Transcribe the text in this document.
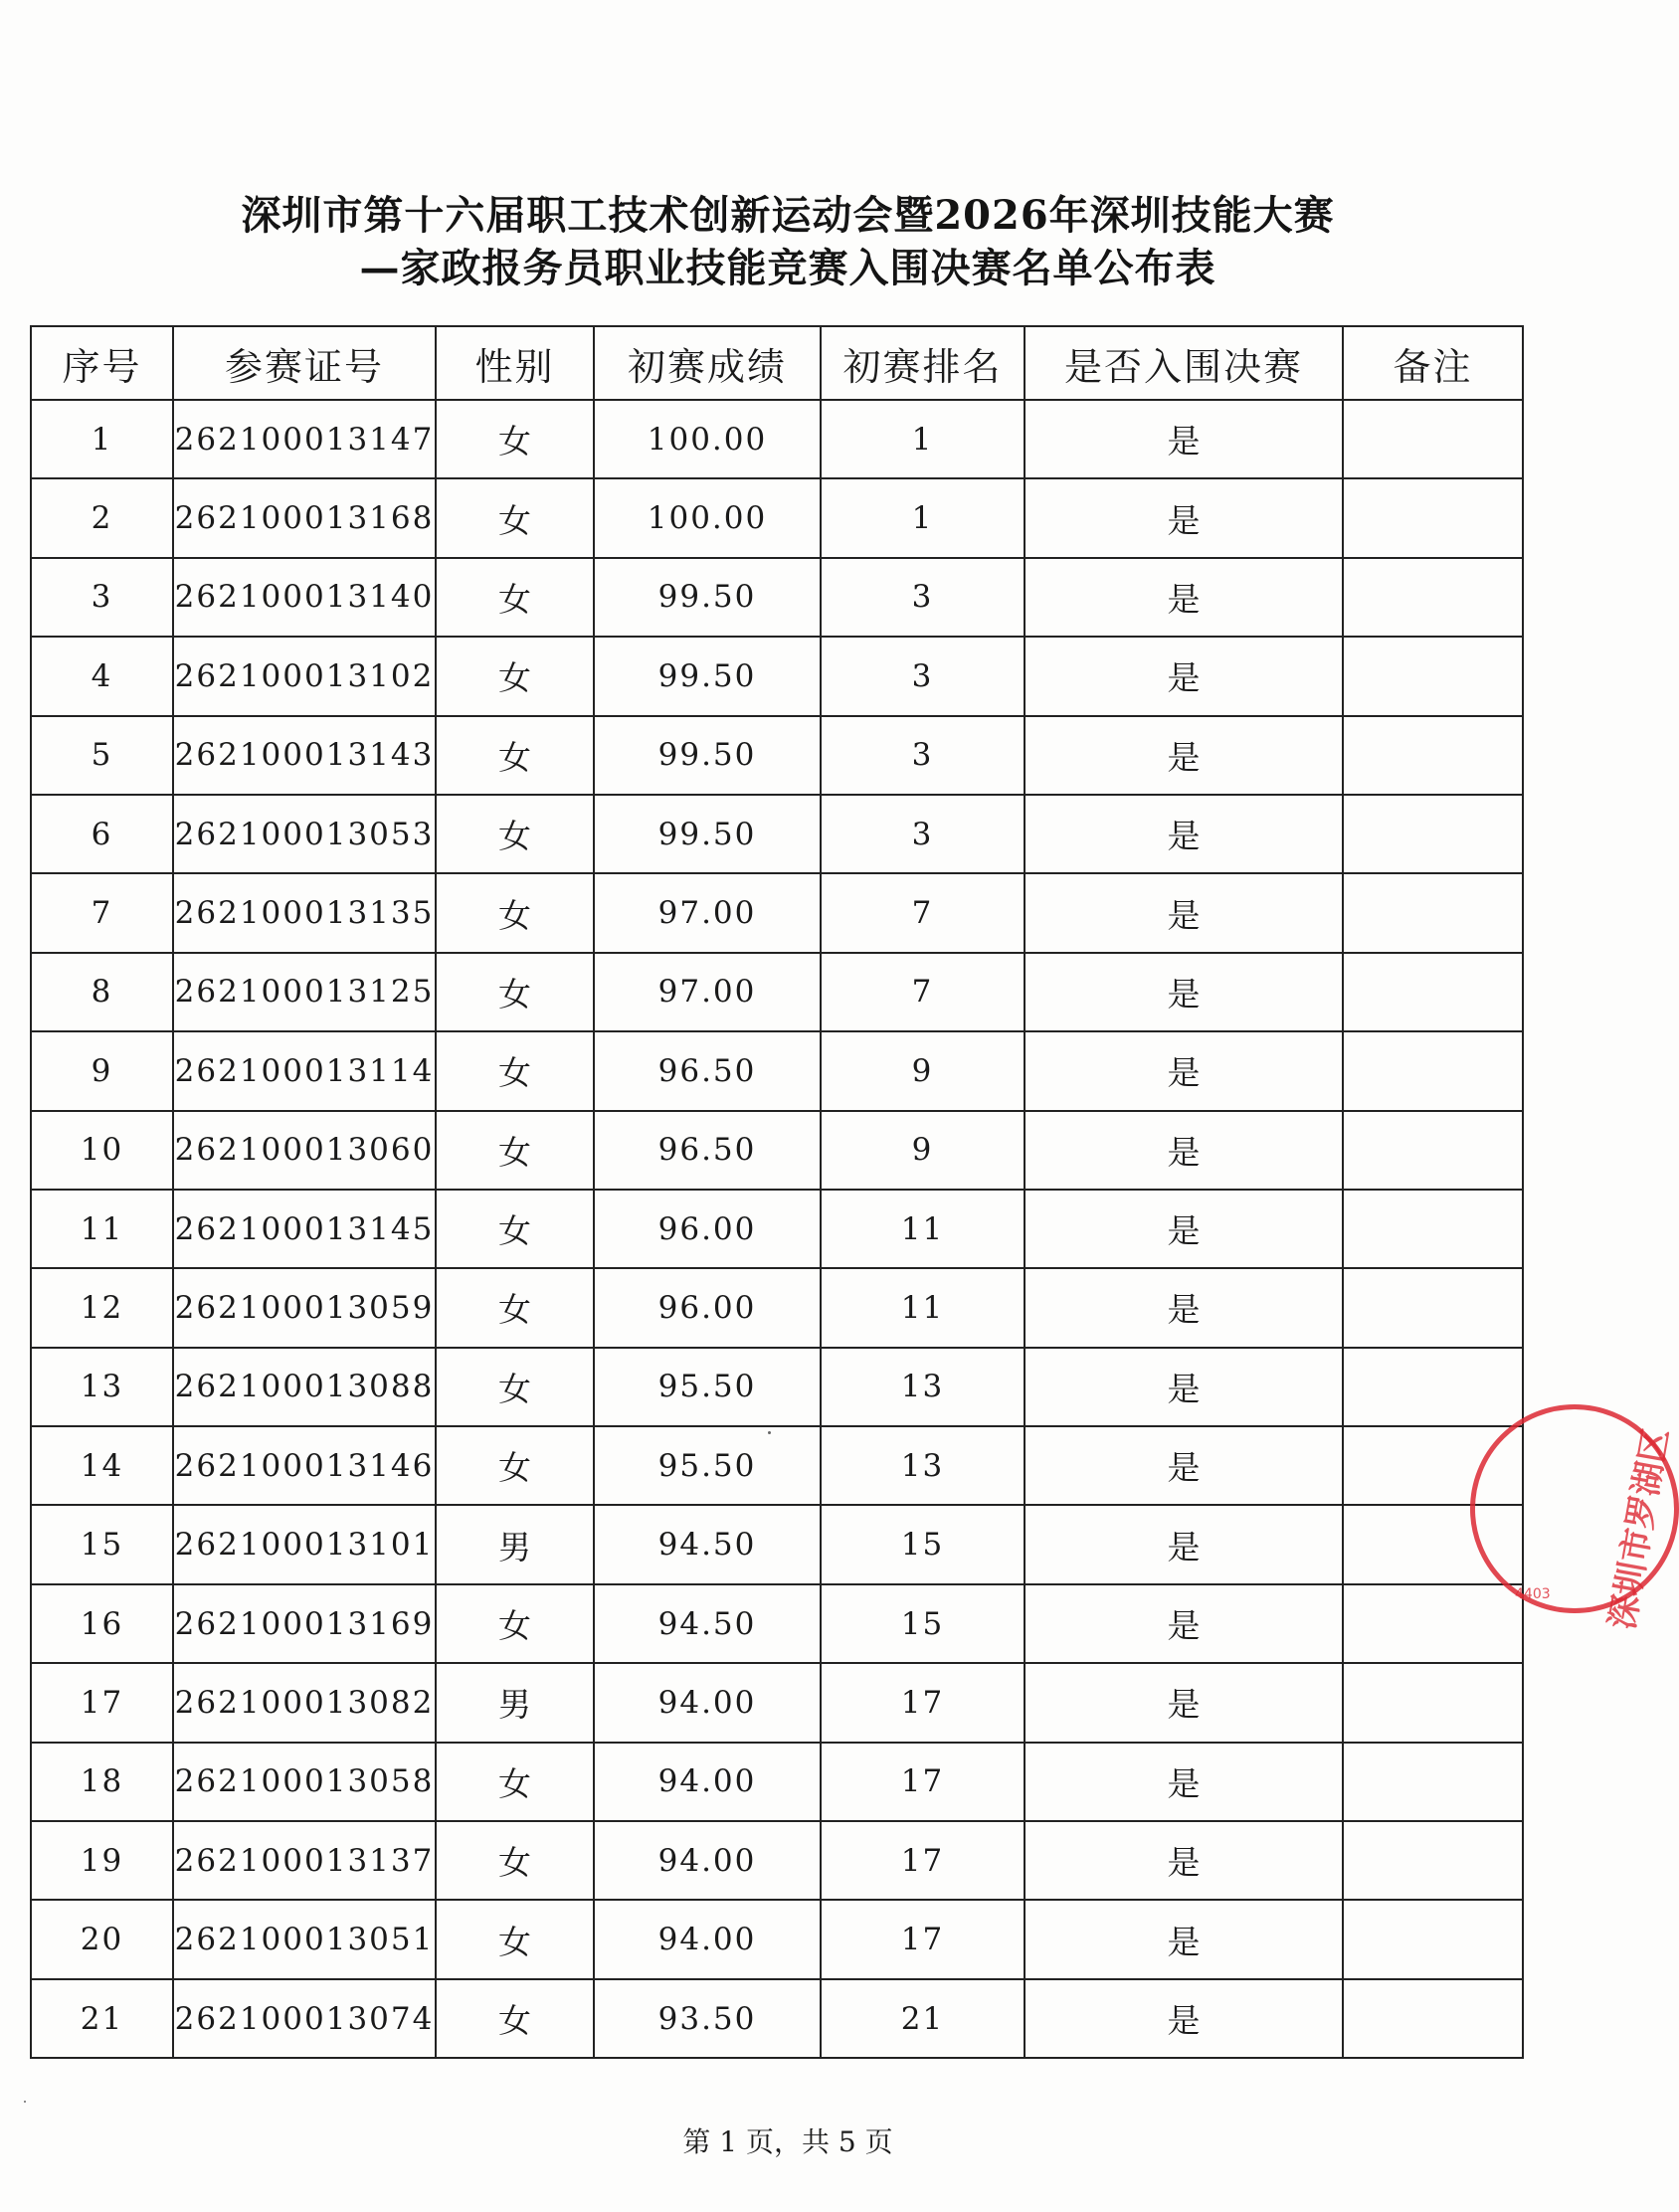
深圳市第十六届职工技术创新运动会暨2026年深圳技能大赛
—家政报务员职业技能竞赛入围决赛名单公布表
序号	参赛证号	性别	初赛成绩	初赛排名	是否入围决赛	备注
1	262100013147	女	100.00	1	是	
2	262100013168	女	100.00	1	是	
3	262100013140	女	99.50	3	是	
4	262100013102	女	99.50	3	是	
5	262100013143	女	99.50	3	是	
6	262100013053	女	99.50	3	是	
7	262100013135	女	97.00	7	是	
8	262100013125	女	97.00	7	是	
9	262100013114	女	96.50	9	是	
10	262100013060	女	96.50	9	是	
11	262100013145	女	96.00	11	是	
12	262100013059	女	96.00	11	是	
13	262100013088	女	95.50	13	是	
14	262100013146	女	95.50	13	是	
15	262100013101	男	94.50	15	是	
16	262100013169	女	94.50	15	是	
17	262100013082	男	94.00	17	是	
18	262100013058	女	94.00	17	是	
19	262100013137	女	94.00	17	是	
20	262100013051	女	94.00	17	是	
21	262100013074	女	93.50	21	是	
第 1 页，共 5 页
深圳市罗湖区
4403
